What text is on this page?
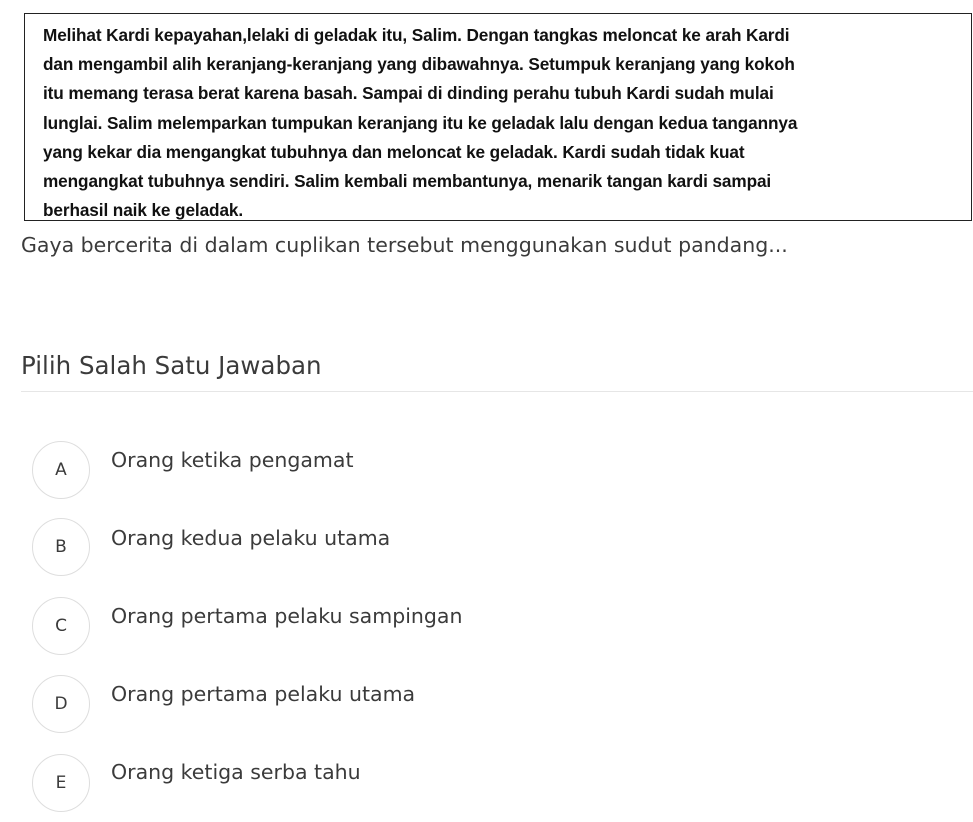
Melihat Kardi kepayahan,lelaki di geladak itu, Salim. Dengan tangkas meloncat ke arah Kardi
dan mengambil alih keranjang-keranjang yang dibawahnya. Setumpuk keranjang yang kokoh
itu memang terasa berat karena basah. Sampai di dinding perahu tubuh Kardi sudah mulai
lunglai. Salim melemparkan tumpukan keranjang itu ke geladak lalu dengan kedua tangannya
yang kekar dia mengangkat tubuhnya dan meloncat ke geladak. Kardi sudah tidak kuat
mengangkat tubuhnya sendiri. Salim kembali membantunya, menarik tangan kardi sampai
berhasil naik ke geladak.
Gaya bercerita di dalam cuplikan tersebut menggunakan sudut pandang...
Pilih Salah Satu Jawaban
A	Orang ketika pengamat
B	Orang kedua pelaku utama
C	Orang pertama pelaku sampingan
D	Orang pertama pelaku utama
E	Orang ketiga serba tahu
